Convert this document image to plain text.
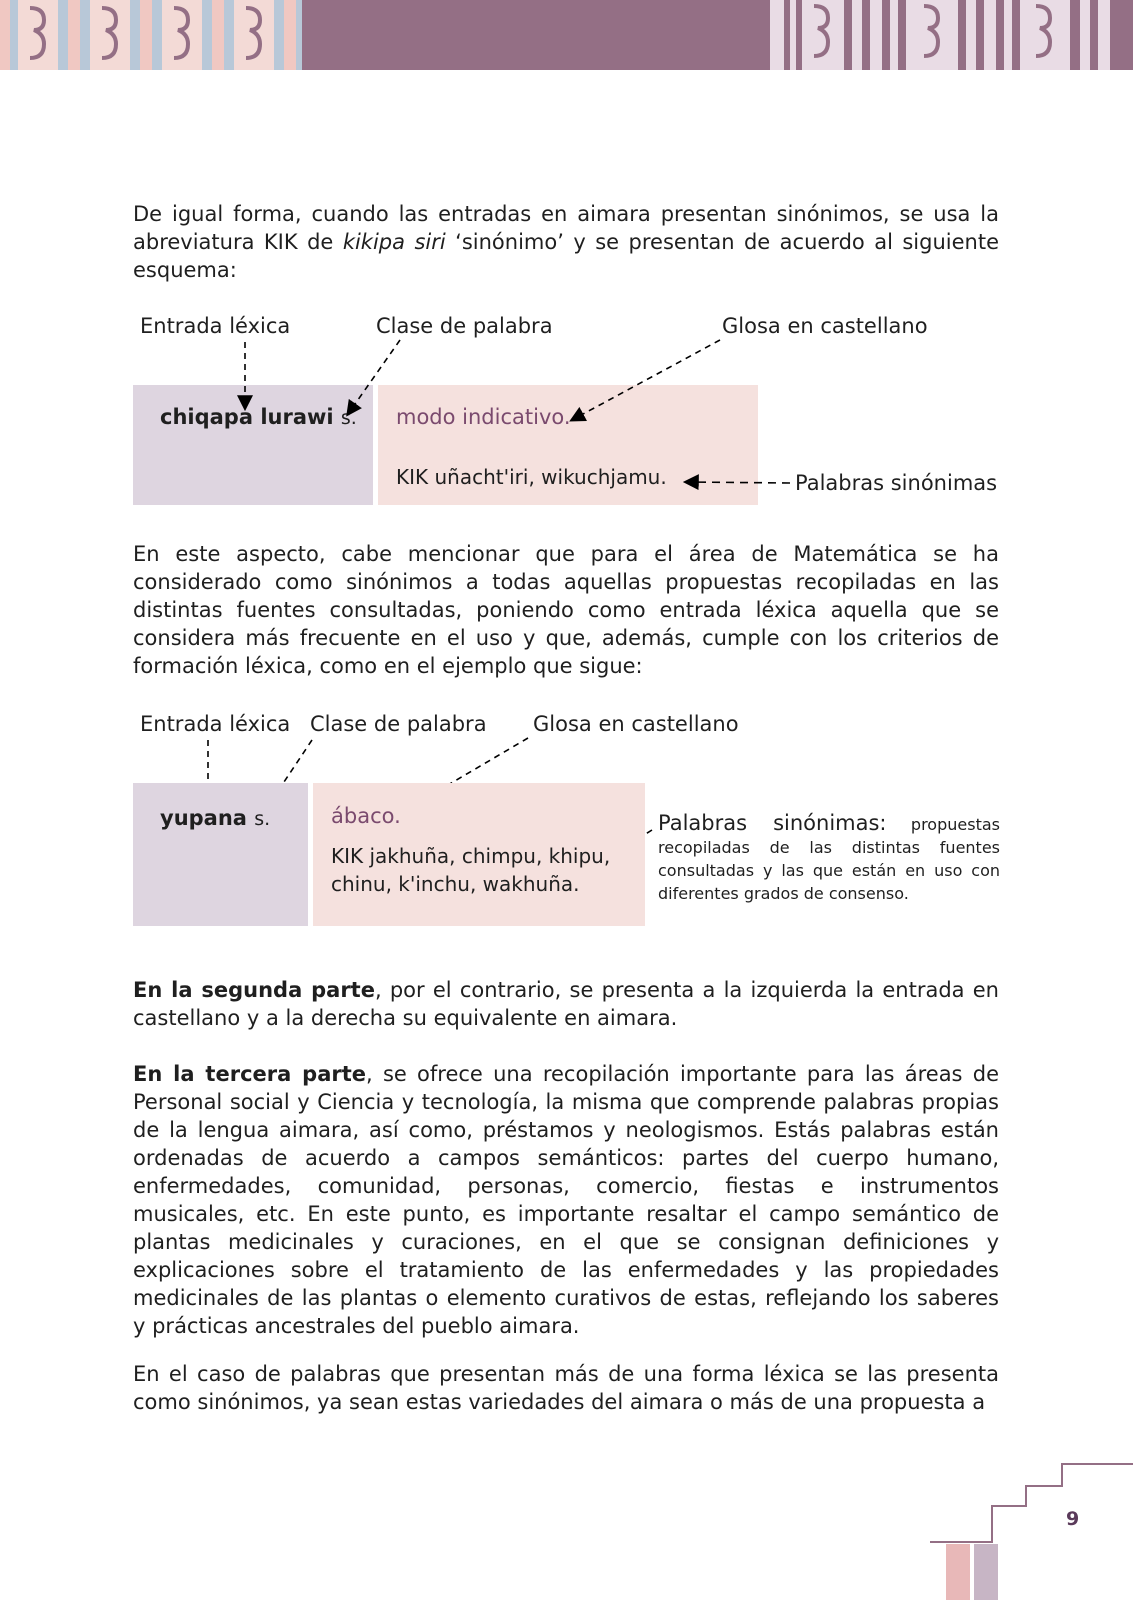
De igual forma, cuando las entradas en aimara presentan sinónimos, se usa la abreviatura KIK de kikipa siri ‘sinónimo’ y se presentan de acuerdo al siguiente esquema:

Entrada léxica	Clase de palabra	Glosa en castellano
chiqapa lurawi s. modo indicativo.
KIK uñacht'iri, wikuchjamu.	Palabras sinónimas

En este aspecto, cabe mencionar que para el área de Matemática se ha considerado como sinónimos a todas aquellas propuestas recopiladas en las distintas fuentes consultadas, poniendo como entrada léxica aquella que se considera más frecuente en el uso y que, además, cumple con los criterios de formación léxica, como en el ejemplo que sigue:

Entrada léxica Clase de palabra Glosa en castellano
yupana s.	ábaco.
KIK jakhuña, chimpu, khipu,
chinu, k'inchu, wakhuña.
Palabras sinónimas: propuestas recopiladas de las distintas fuentes consultadas y las que están en uso con diferentes grados de consenso.

En la segunda parte, por el contrario, se presenta a la izquierda la entrada en castellano y a la derecha su equivalente en aimara.

En la tercera parte, se ofrece una recopilación importante para las áreas de Personal social y Ciencia y tecnología, la misma que comprende palabras propias de la lengua aimara, así como, préstamos y neologismos. Estás palabras están ordenadas de acuerdo a campos semánticos: partes del cuerpo humano, enfermedades, comunidad, personas, comercio, fiestas e instrumentos musicales, etc. En este punto, es importante resaltar el campo semántico de plantas medicinales y curaciones, en el que se consignan definiciones y explicaciones sobre el tratamiento de las enfermedades y las propiedades medicinales de las plantas o elemento curativos de estas, reflejando los saberes y prácticas ancestrales del pueblo aimara.

En el caso de palabras que presentan más de una forma léxica se las presenta como sinónimos, ya sean estas variedades del aimara o más de una propuesta a

9
